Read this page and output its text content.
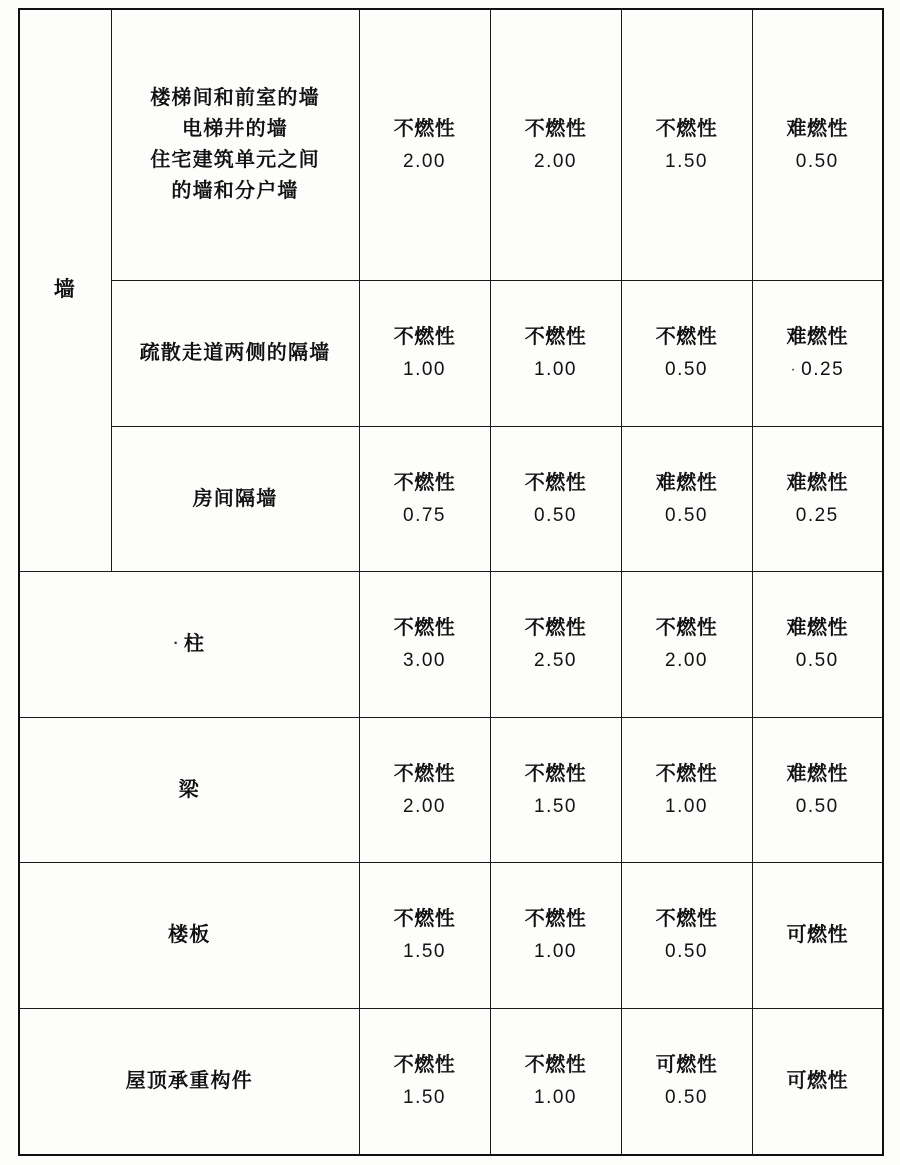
墙	楼梯间和前室的墙
电梯井的墙
住宅建筑单元之间
的墙和分户墙	不燃性
2.00	不燃性
2.00	不燃性
1.50	难燃性
0.50

	疏散走道两侧的隔墙	不燃性
1.00	不燃性
1.00	不燃性
0.50	难燃性
· 0.25

	房间隔墙	不燃性
0.75	不燃性
0.50	难燃性
0.50	难燃性
0.25

· 柱		不燃性
3.00	不燃性
2.50	不燃性
2.00	难燃性
0.50

梁		不燃性
2.00	不燃性
1.50	不燃性
1.00	难燃性
0.50

楼板		不燃性
1.50	不燃性
1.00	不燃性
0.50	可燃性

屋顶承重构件		不燃性
1.50	不燃性
1.00	可燃性
0.50	可燃性
